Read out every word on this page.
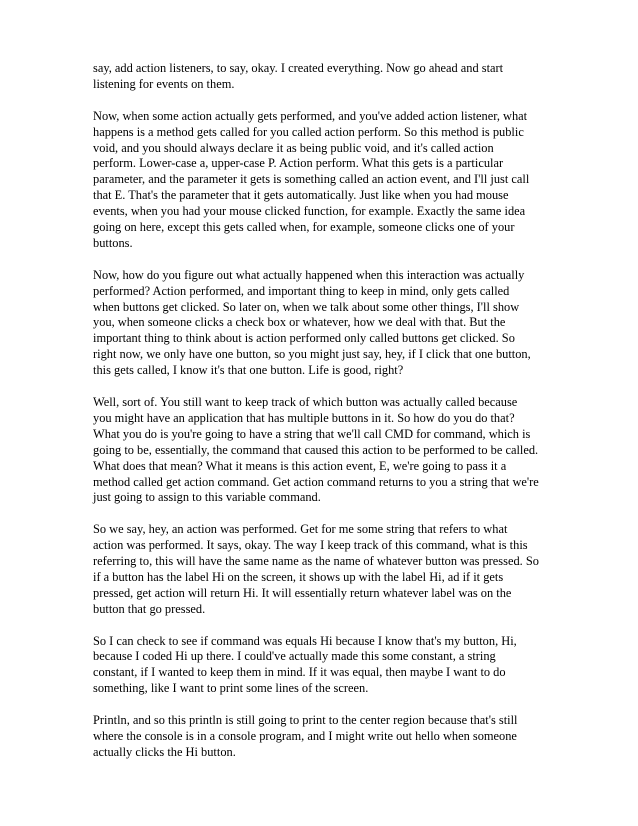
say, add action listeners, to say, okay. I created everything. Now go ahead and start
listening for events on them.

Now, when some action actually gets performed, and you've added action listener, what
happens is a method gets called for you called action perform. So this method is public
void, and you should always declare it as being public void, and it's called action
perform. Lower-case a, upper-case P. Action perform. What this gets is a particular
parameter, and the parameter it gets is something called an action event, and I'll just call
that E. That's the parameter that it gets automatically. Just like when you had mouse
events, when you had your mouse clicked function, for example. Exactly the same idea
going on here, except this gets called when, for example, someone clicks one of your
buttons.

Now, how do you figure out what actually happened when this interaction was actually
performed? Action performed, and important thing to keep in mind, only gets called
when buttons get clicked. So later on, when we talk about some other things, I'll show
you, when someone clicks a check box or whatever, how we deal with that. But the
important thing to think about is action performed only called buttons get clicked. So
right now, we only have one button, so you might just say, hey, if I click that one button,
this gets called, I know it's that one button. Life is good, right?

Well, sort of. You still want to keep track of which button was actually called because
you might have an application that has multiple buttons in it. So how do you do that?
What you do is you're going to have a string that we'll call CMD for command, which is
going to be, essentially, the command that caused this action to be performed to be called.
What does that mean? What it means is this action event, E, we're going to pass it a
method called get action command. Get action command returns to you a string that we're
just going to assign to this variable command.

So we say, hey, an action was performed. Get for me some string that refers to what
action was performed. It says, okay. The way I keep track of this command, what is this
referring to, this will have the same name as the name of whatever button was pressed. So
if a button has the label Hi on the screen, it shows up with the label Hi, ad if it gets
pressed, get action will return Hi. It will essentially return whatever label was on the
button that go pressed.

So I can check to see if command was equals Hi because I know that's my button, Hi,
because I coded Hi up there. I could've actually made this some constant, a string
constant, if I wanted to keep them in mind. If it was equal, then maybe I want to do
something, like I want to print some lines of the screen.

Println, and so this println is still going to print to the center region because that's still
where the console is in a console program, and I might write out hello when someone
actually clicks the Hi button.
